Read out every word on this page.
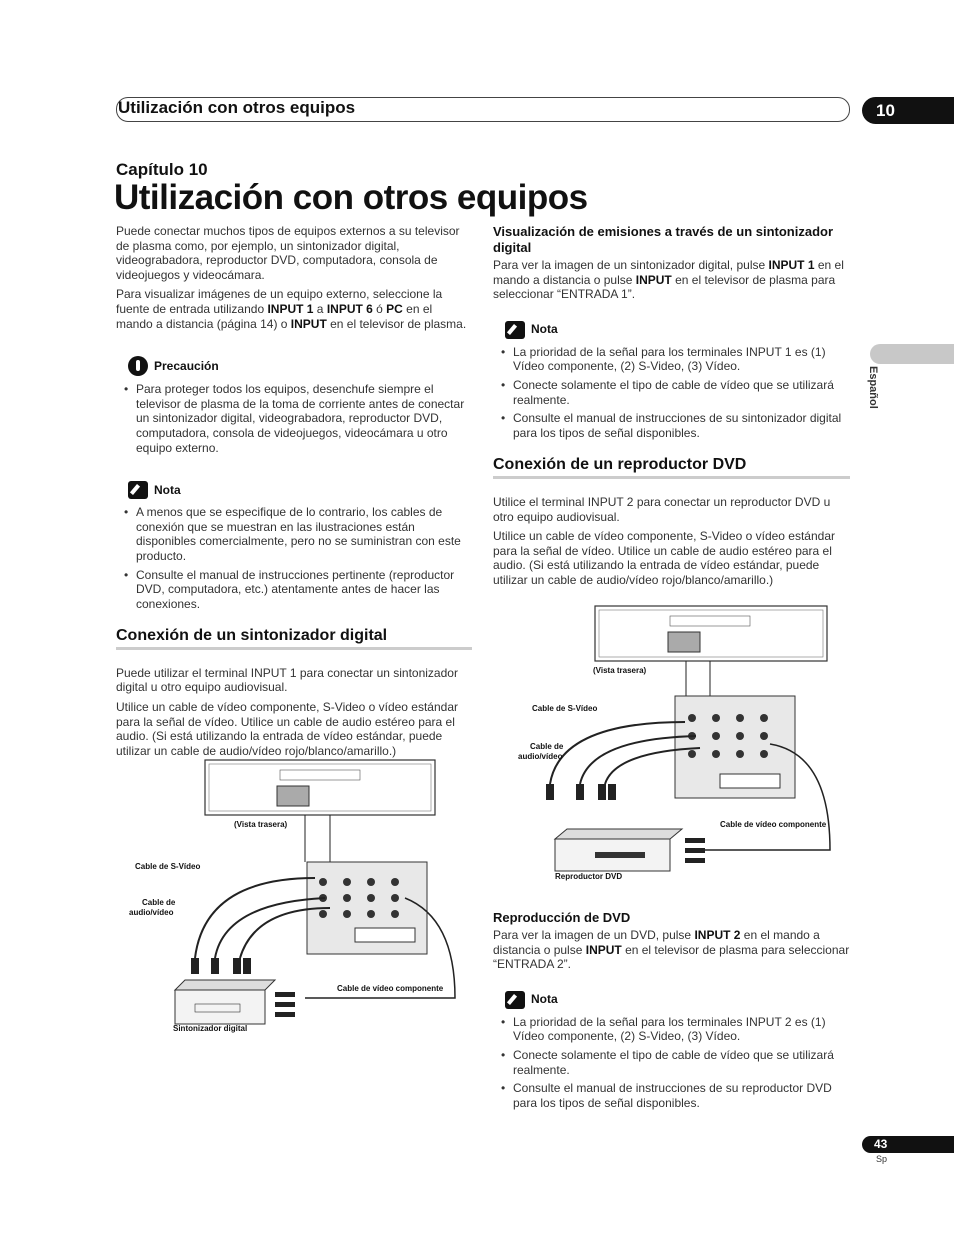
Utilización con otros equipos	10
Capítulo 10
Utilización con otros equipos
Español

Puede conectar muchos tipos de equipos externos a su televisor de plasma como, por ejemplo, un sintonizador digital, videograbadora, reproductor DVD, computadora, consola de videojuegos y videocámara.

Para visualizar imágenes de un equipo externo, seleccione la fuente de entrada utilizando INPUT 1 a INPUT 6 ó PC en el mando a distancia (página 14) o INPUT en el televisor de plasma.

Precaución
• Para proteger todos los equipos, desenchufe siempre el televisor de plasma de la toma de corriente antes de conectar un sintonizador digital, videograbadora, reproductor DVD, computadora, consola de videojuegos, videocámara u otro equipo externo.
Nota
• A menos que se especifique de lo contrario, los cables de conexión que se muestran en las ilustraciones están disponibles comercialmente, pero no se suministran con este producto.
• Consulte el manual de instrucciones pertinente (reproductor DVD, computadora, etc.) atentamente antes de hacer las conexiones.
Conexión de un sintonizador digital

Puede utilizar el terminal INPUT 1 para conectar un sintonizador digital u otro equipo audiovisual.

Utilice un cable de vídeo componente, S-Video o vídeo estándar para la señal de vídeo. Utilice un cable de audio estéreo para el audio. (Si está utilizando la entrada de vídeo estándar, puede utilizar un cable de audio/vídeo rojo/blanco/amarillo.)

(Vista trasera)
Cable de S-Vídeo
Cable de
audio/vídeo
Cable de vídeo componente
Sintonizador digital
Visualización de emisiones a través de un sintonizador digital

Para ver la imagen de un sintonizador digital, pulse INPUT 1 en el mando a distancia o pulse INPUT en el televisor de plasma para seleccionar “ENTRADA 1”.

Nota
• La prioridad de la señal para los terminales INPUT 1 es (1) Vídeo componente, (2) S-Video, (3) Vídeo.
• Conecte solamente el tipo de cable de vídeo que se utilizará realmente.
• Consulte el manual de instrucciones de su sintonizador digital para los tipos de señal disponibles.
Conexión de un reproductor DVD

Utilice el terminal INPUT 2 para conectar un reproductor DVD u otro equipo audiovisual.

Utilice un cable de vídeo componente, S-Video o vídeo estándar para la señal de vídeo. Utilice un cable de audio estéreo para el audio. (Si está utilizando la entrada de vídeo estándar, puede utilizar un cable de audio/vídeo rojo/blanco/amarillo.)

(Vista trasera)
Cable de S-Vídeo
Cable de
audio/vídeo
Cable de vídeo componente
Reproductor DVD
Reproducción de DVD

Para ver la imagen de un DVD, pulse INPUT 2 en el mando a distancia o pulse INPUT en el televisor de plasma para seleccionar “ENTRADA 2”.

Nota
• La prioridad de la señal para los terminales INPUT 2 es (1) Vídeo componente, (2) S-Video, (3) Vídeo.
• Conecte solamente el tipo de cable de vídeo que se utilizará realmente.
• Consulte el manual de instrucciones de su reproductor DVD para los tipos de señal disponibles.
43
Sp
